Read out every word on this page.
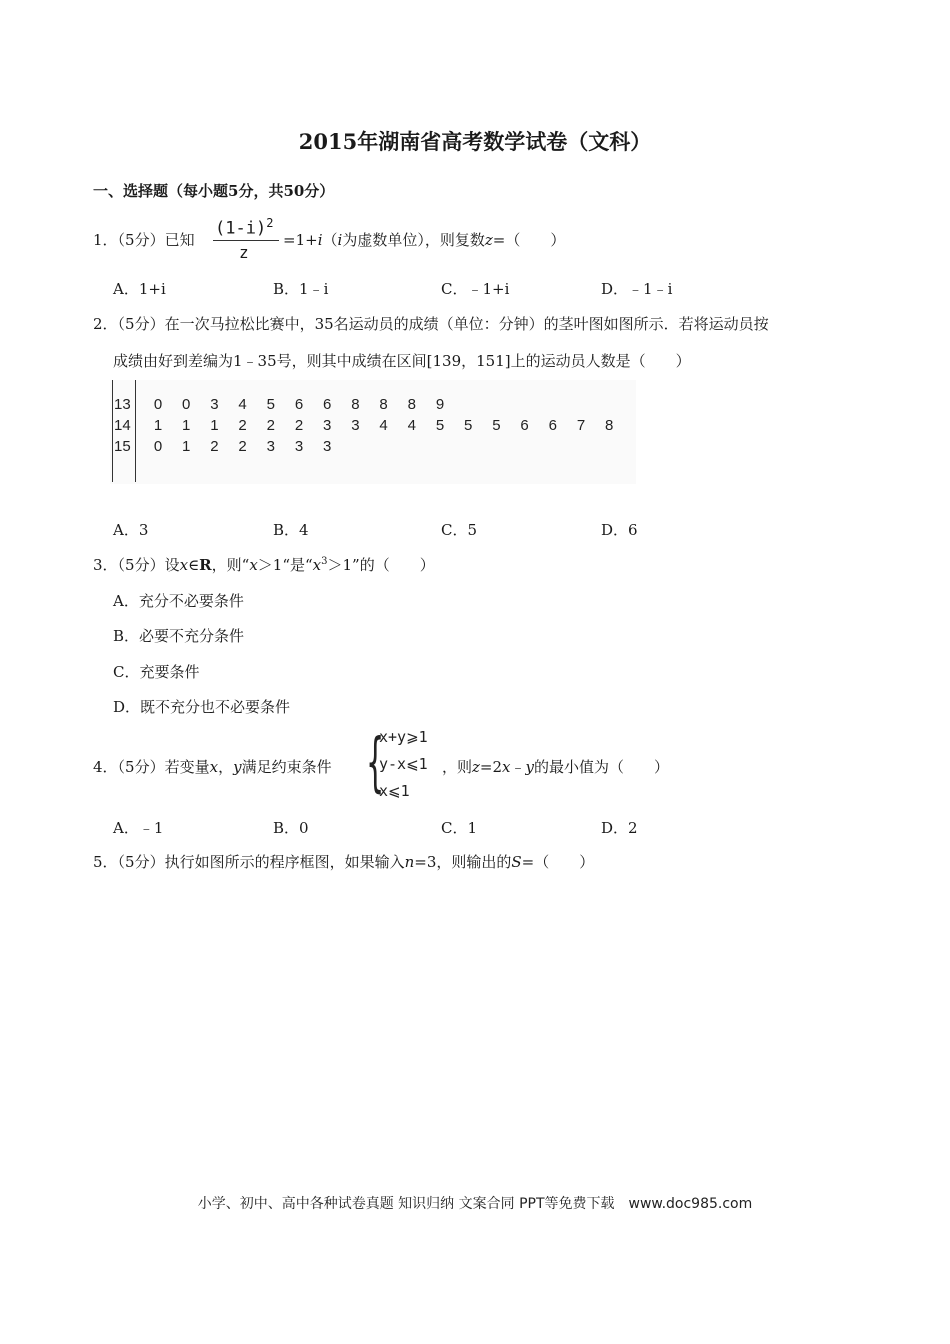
2015年湖南省高考数学试卷（文科）
一、选择题（每小题5分，共50分）
1．（5分）已知
$(1-i)^2$
z
=1+i（i为虚数单位），则复数z=（　　）
A．1+i	B．1﹣i	C．﹣1+i	D．﹣1﹣i
2．（5分）在一次马拉松比赛中，35名运动员的成绩（单位：分钟）的茎叶图如图所示．若将运动员按
成绩由好到差编为1﹣35号，则其中成绩在区间[139，151]上的运动员人数是（　　）
13	0	0	3	4	5	6	6	8	8	8	9
14	1	1	1	2	2	2	3	3	4	4	5	5	5	6	6	7	8
15	0	1	2	2	3	3	3
A．3	B．4	C．5	D．6
3．（5分）设x∈R，则“x＞1“是“$x^3>1$”的（　　）
A．充分不必要条件
B．必要不充分条件
C．充要条件
D．既不充分也不必要条件
4．（5分）若变量x，y满足约束条件 {
x+y⩾1
y-x⩽1
x⩽1
，则z=2x﹣y的最小值为（　　）
A．﹣1	B．0	C．1	D．2
5．（5分）执行如图所示的程序框图，如果输入n=3，则输出的S=（　　）
小学、初中、高中各种试卷真题 知识归纳 文案合同 PPT等免费下载　www.doc985.com
